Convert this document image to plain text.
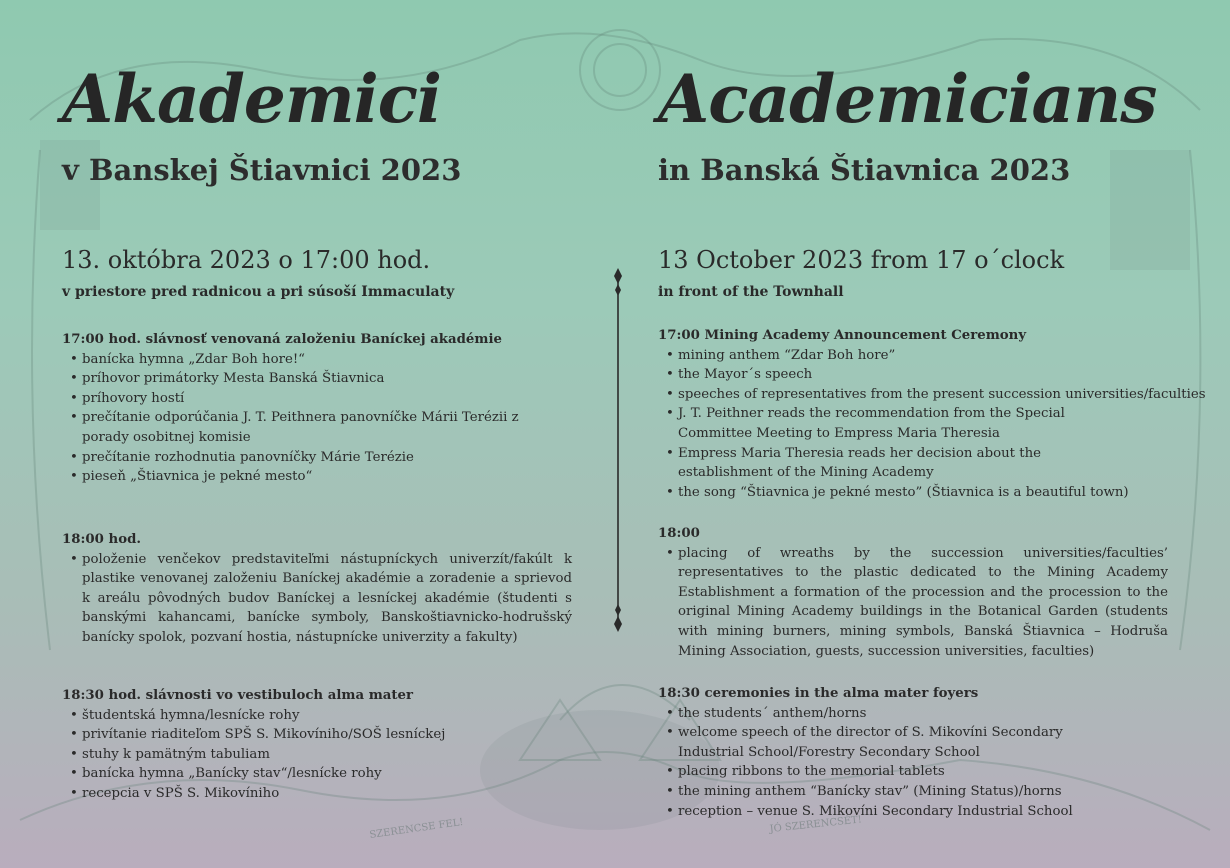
SZERENCSE FEL!	JÓ SZERENCSÉT!
Akademici
v Banskej Štiavnici 2023

13. októbra 2023 o 17:00 hod.

v priestore pred radnicou a pri súsoší Immaculaty

17:00 hod. slávnosť venovaná založeniu Baníckej akadémie

• banícka hymna „Zdar Boh hore!“
• príhovor primátorky Mesta Banská Štiavnica
• príhovory hostí
• prečítanie odporúčania J. T. Peithnera panovníčke Márii Terézii z porady osobitnej komisie
• prečítanie rozhodnutia panovníčky Márie Terézie
• pieseň „Štiavnica je pekné mesto“

18:00 hod.

• položenie venčekov predstaviteľmi nástupníckych univerzít/fakúlt k plastike venovanej založeniu Baníckej akadémie a zoradenie a sprievod k areálu pôvodných budov Baníckej a lesníckej akadémie (študenti s banskými kahancami, banícke symboly, Banskoštiavnicko-hodrušský banícky spolok, pozvaní hostia, nástupnícke univerzity a fakulty)

18:30 hod. slávnosti vo vestibuloch alma mater

• študentská hymna/lesnícke rohy
• privítanie riaditeľom SPŠ S. Mikovíniho/SOŠ lesníckej
• stuhy k pamätným tabuliam
• banícka hymna „Banícky stav“/lesnícke rohy
• recepcia v SPŠ S. Mikovíniho
Academicians
in Banská Štiavnica 2023

13 October 2023 from 17 o´clock

in front of the Townhall

17:00 Mining Academy Announcement Ceremony

• mining anthem “Zdar Boh hore”
• the Mayor´s speech
• speeches of representatives from the present succession universities/faculties
• J. T. Peithner reads the recommendation from the Special Committee Meeting to Empress Maria Theresia
• Empress Maria Theresia reads her decision about the establishment of the Mining Academy
• the song “Štiavnica je pekné mesto” (Štiavnica is a beautiful town)

18:00

• placing of wreaths by the succession universities/faculties’ representatives to the plastic dedicated to the Mining Academy Establishment a formation of the procession and the procession to the original Mining Academy buildings in the Botanical Garden (students with mining burners, mining symbols, Banská Štiavnica – Hodruša Mining Association, guests, succession universities, faculties)

18:30 ceremonies in the alma mater foyers

• the students´ anthem/horns
• welcome speech of the director of S. Mikovíni Secondary Industrial School/Forestry Secondary School
• placing ribbons to the memorial tablets
• the mining anthem “Banícky stav” (Mining Status)/horns
• reception – venue S. Mikovíni Secondary Industrial School
